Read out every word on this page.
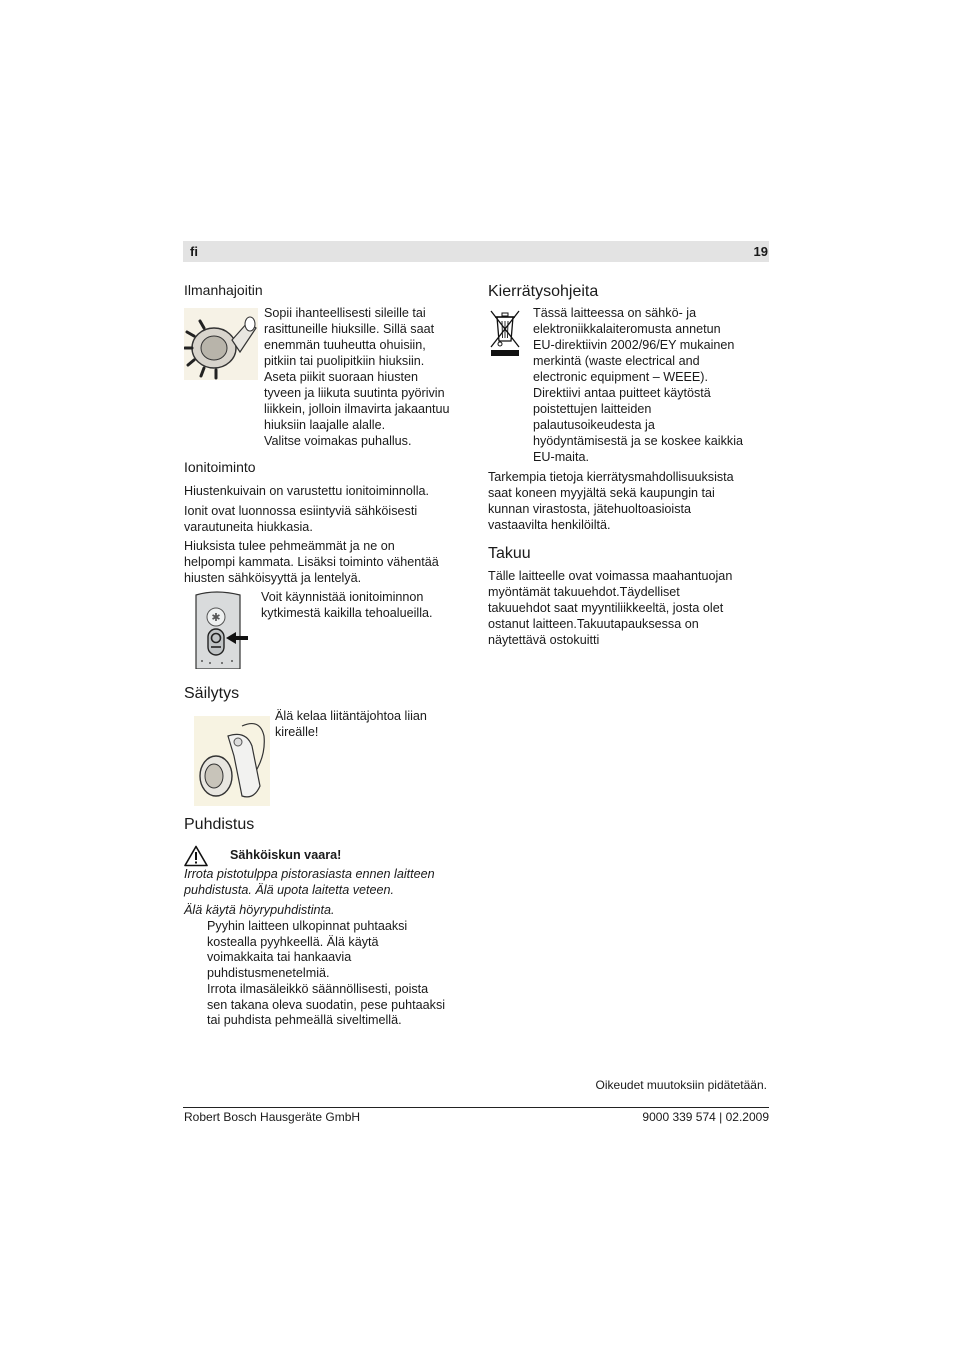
fi	19
Ilmanhajoitin
Sopii ihanteellisesti sileille tai
rasittuneille hiuksille. Sillä saat
enemmän tuuheutta ohuisiin,
pitkiin tai puolipitkiin hiuksiin.
Aseta piikit suoraan hiusten
tyveen ja liikuta suutinta pyörivin
liikkein, jolloin ilmavirta jakaantuu
hiuksiin laajalle alalle.
Valitse voimakas puhallus.
Ionitoiminto
Hiustenkuivain on varustettu ionitoiminnolla.
Ionit ovat luonnossa esiintyviä sähköisesti
varautuneita hiukkasia.
Hiuksista tulee pehmeämmät ja ne on
helpompi kammata. Lisäksi toiminto vähentää
hiusten sähköisyyttä ja lentelyä.
✱
Voit käynnistää ionitoiminnon
kytkimestä kaikilla tehoalueilla.
Säilytys
Älä kelaa liitäntäjohtoa liian
kireälle!
Puhdistus
Sähköiskun vaara!
Irrota pistotulppa pistorasiasta ennen laitteen
puhdistusta. Älä upota laitetta veteen.
Älä käytä höyrypuhdistinta.
Pyyhin laitteen ulkopinnat puhtaaksi
kostealla pyyhkeellä. Älä käytä
voimakkaita tai hankaavia
puhdistusmenetelmiä.
Irrota ilmasäleikkö säännöllisesti, poista
sen takana oleva suodatin, pese puhtaaksi
tai puhdista pehmeällä siveltimellä.
Kierrätysohjeita
Tässä laitteessa on sähkö- ja
elektroniikkalaiteromusta annetun
EU-direktiivin 2002/96/EY mukainen
merkintä (waste electrical and
electronic equipment – WEEE).
Direktiivi antaa puitteet käytöstä
poistettujen laitteiden
palautusoikeudesta ja
hyödyntämisestä ja se koskee kaikkia
EU-maita.
Tarkempia tietoja kierrätysmahdollisuuksista
saat koneen myyjältä sekä kaupungin tai
kunnan virastosta, jätehuoltoasioista
vastaavilta henkilöiltä.
Takuu
Tälle laitteelle ovat voimassa maahantuojan
myöntämät takuuehdot.Täydelliset
takuuehdot saat myyntiliikkeeltä, josta olet
ostanut laitteen.Takuutapauksessa on
näytettävä ostokuitti
Oikeudet muutoksiin pidätetään.
Robert Bosch Hausgeräte GmbH	9000 339 574 | 02.2009
